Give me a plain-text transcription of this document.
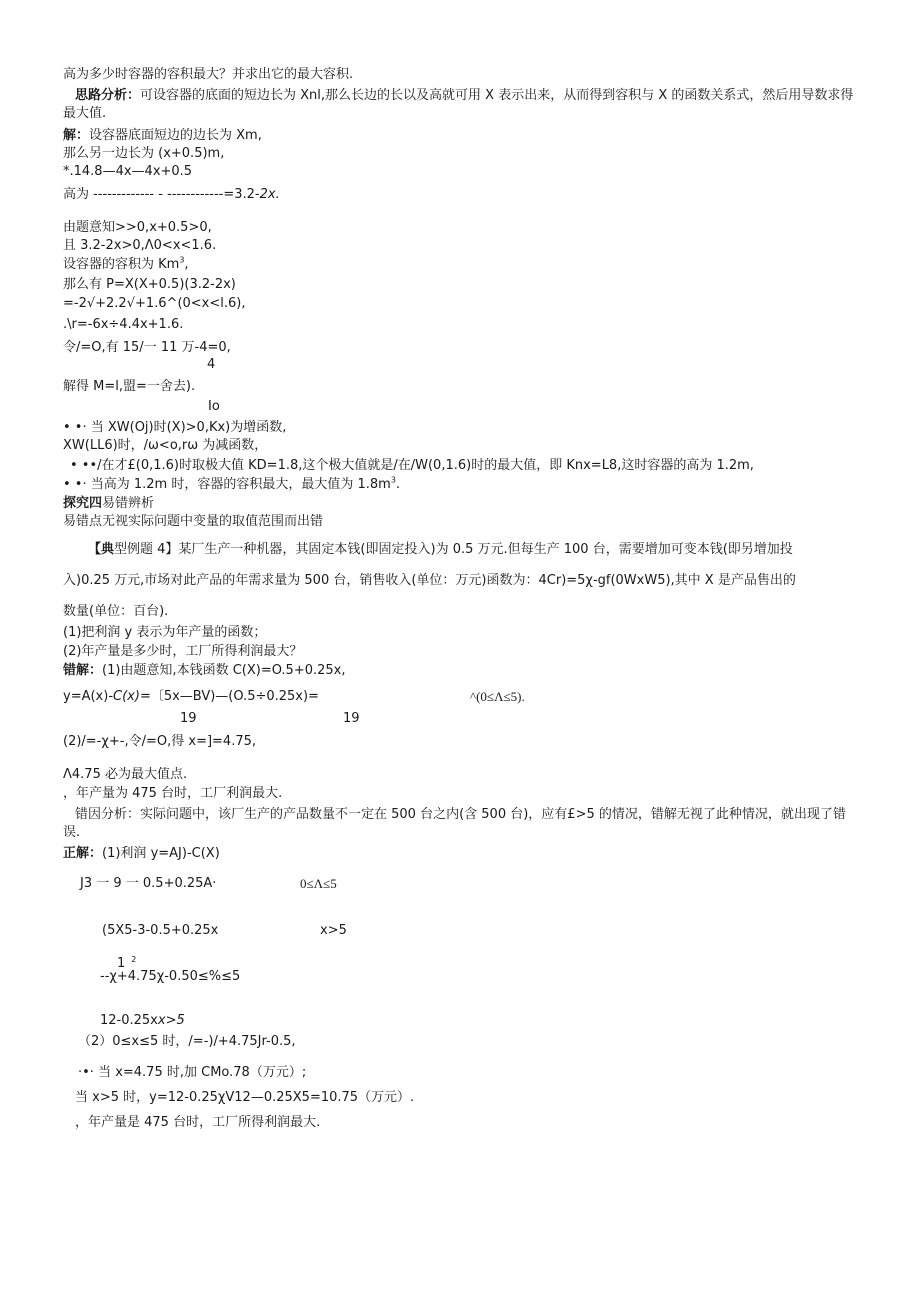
高为多少时容器的容积最大？并求出它的最大容积.
思路分析：可设容器的底面的短边长为 Xnl,那么长边的长以及高就可用 X 表示出来，从而得到容积与 X 的函数关系式，然后用导数求得最大值.
解：设容器底面短边的边长为 Xm,
那么另一边长为 (x+0.5)m,
*.14.8—4x—4x+0.5
高为 ------------- - ------------=3.2-2x.
由题意知>>0,x+0.5>0,
且 3.2-2x>0,Λ0<x<1.6.
设容器的容积为 Km$^3$,
那么有 P=X(X+0.5)(3.2-2x)
=-2√+2.2√+1.6^(0<x<l.6),
.\r=-6x÷4.4x+1.6.
令/=O,有 15/一 11 万-4=0,
4
解得 M=l,盟=一舍去).
Io
• •· 当 XW(Oj)时(X)>0,Kx)为增函数,
XW(LL6)时，/ω<o,rω 为减函数，
• ••/在才£(0,1.6)时取极大值 KD=1.8,这个极大值就是/在/W(0,1.6)时的最大值，即 Knx=L8,这时容器的高为 1.2m,
• •· 当高为 1.2m 时，容器的容积最大，最大值为 $1.8m^3$.
探究四易错辨析
易错点无视实际问题中变量的取值范围而出错
【典型例题 4】某厂生产一种机器，其固定本钱(即固定投入)为 0.5 万元.但每生产 100 台，需要增加可变本钱(即另增加投
入)0.25 万元,市场对此产品的年需求量为 500 台，销售收入(单位：万元)函数为：4Cr)=5χ-gf(0WxW5),其中 X 是产品售出的
数量(单位：百台).
(1)把利润 y 表示为年产量的函数；
(2)年产量是多少时，工厂所得利润最大？
错解：(1)由题意知,本钱函数 C(X)=O.5+0.25x,
y=A(x)-C(x)=〔5x—BV)—(O.5÷0.25x)=	^(0≤Λ≤5).
19	19
(2)/=-χ+-,令/=O,得 x=]=4.75,
Λ4.75 必为最大值点.
，年产量为 475 台时，工厂利润最大.
错因分析：实际问题中，该厂生产的产品数量不一定在 500 台之内(含 500 台)，应有£>5 的情况，错解无视了此种情况，就出现了错误.
正解：(1)利润 y=AJ)-C(X)
J3 一 9 一 0.5+0.25A·	0≤Λ≤5
(5X5-3-0.5+0.25x	x>5
1 $^2$
--χ+4.75χ-0.50≤%≤5
12-0.25xx>5
（2）0≤x≤5 时，/=-)/+4.75Jr-0.5,
·•· 当 x=4.75 时,加 CMo.78（万元）;
当 x>5 时，y=12-0.25χV12—0.25X5=10.75（万元）.
，年产量是 475 台时，工厂所得利润最大.
